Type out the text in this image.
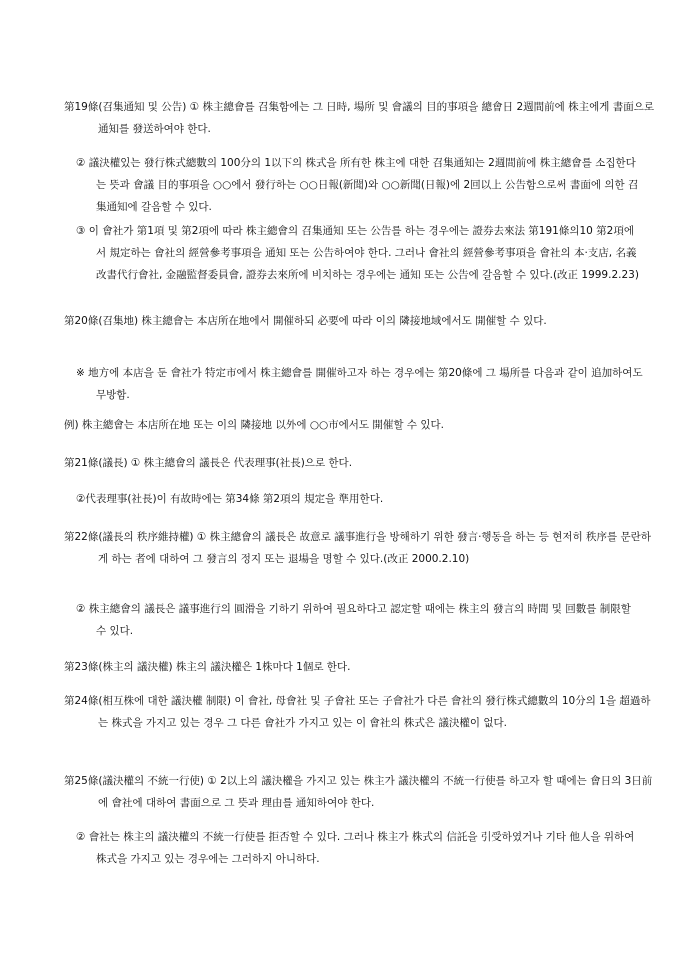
第19條(召集通知 및 公告) ① 株主總會를 召集함에는 그 日時, 場所 및 會議의 目的事項을 總會日 2週間前에 株主에게 書面으로 通知를 發送하여야 한다.

② 議決權있는 發行株式總數의 100分의 1以下의 株式을 所有한 株主에 대한 召集通知는 2週間前에 株主總會를 소집한다는 뜻과 會議 目的事項을 ○○에서 發行하는 ○○日報(新聞)와 ○○新聞(日報)에 2回以上 公告함으로써 書面에 의한 召集通知에 갈음할 수 있다.

③ 이 會社가 第1項 및 第2項에 따라 株主總會의 召集通知 또는 公告를 하는 경우에는 證券去來法 第191條의10 第2項에서 規定하는 會社의 經營參考事項을 通知 또는 公告하여야 한다. 그러나 會社의 經營參考事項을 會社의 本·支店, 名義改書代行會社, 金融監督委員會, 證券去來所에 비치하는 경우에는 通知 또는 公告에 갈음할 수 있다.(改正 1999.2.23)

第20條(召集地) 株主總會는 本店所在地에서 開催하되 必要에 따라 이의 隣接地域에서도 開催할 수 있다.

※ 地方에 本店을 둔 會社가 特定市에서 株主總會를 開催하고자 하는 경우에는 第20條에 그 場所를 다음과 같이 追加하여도 무방함.

例) 株主總會는 本店所在地 또는 이의 隣接地 以外에 ○○市에서도 開催할 수 있다.

第21條(議長) ① 株主總會의 議長은 代表理事(社長)으로 한다.

②代表理事(社長)이 有故時에는 第34條 第2項의 規定을 準用한다.

第22條(議長의 秩序維持權) ① 株主總會의 議長은 故意로 議事進行을 방해하기 위한 發言·행동을 하는 등 현저히 秩序를 문란하게 하는 者에 대하여 그 發言의 정지 또는 退場을 명할 수 있다.(改正 2000.2.10)

② 株主總會의 議長은 議事進行의 圓滑을 기하기 위하여 필요하다고 認定할 때에는 株主의 發言의 時間 및 回數를 制限할 수 있다.

第23條(株主의 議決權) 株主의 議決權은 1株마다 1個로 한다.

第24條(相互株에 대한 議決權 制限) 이 會社, 母會社 및 子會社 또는 子會社가 다른 會社의 發行株式總數의 10分의 1을 超過하는 株式을 가지고 있는 경우 그 다른 會社가 가지고 있는 이 會社의 株式은 議決權이 없다.

第25條(議決權의 不統一行使) ① 2以上의 議決權을 가지고 있는 株主가 議決權의 不統一行使를 하고자 할 때에는 會日의 3日前에 會社에 대하여 書面으로 그 뜻과 理由를 通知하여야 한다.

② 會社는 株主의 議決權의 不統一行使를 拒否할 수 있다. 그러나 株主가 株式의 信託을 引受하였거나 기타 他人을 위하여 株式을 가지고 있는 경우에는 그러하지 아니하다.
